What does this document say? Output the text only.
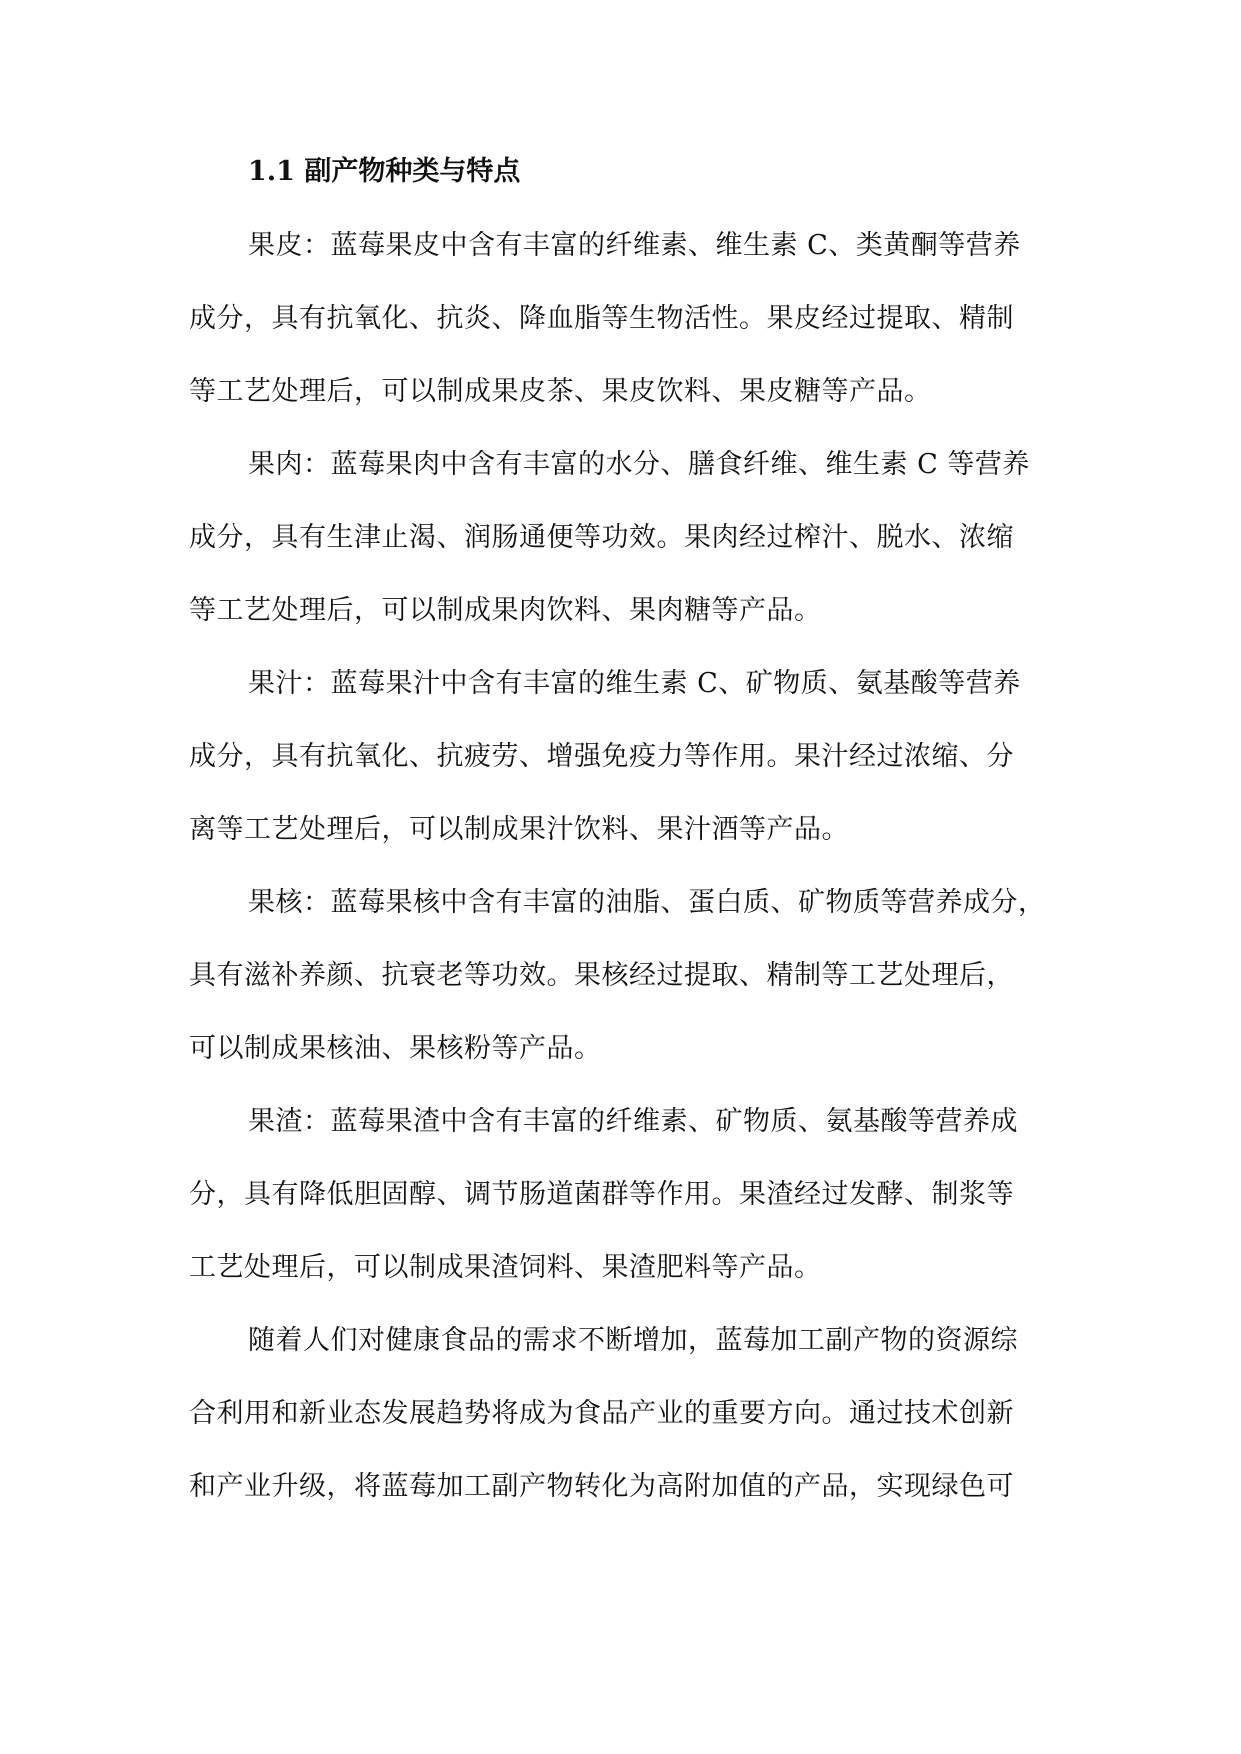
1.1 副产物种类与特点

果皮：蓝莓果皮中含有丰富的纤维素、维生素 C、类黄酮等营养

成分，具有抗氧化、抗炎、降血脂等生物活性。果皮经过提取、精制

等工艺处理后，可以制成果皮茶、果皮饮料、果皮糖等产品。

果肉：蓝莓果肉中含有丰富的水分、膳食纤维、维生素 C 等营养

成分，具有生津止渴、润肠通便等功效。果肉经过榨汁、脱水、浓缩

等工艺处理后，可以制成果肉饮料、果肉糖等产品。

果汁：蓝莓果汁中含有丰富的维生素 C、矿物质、氨基酸等营养

成分，具有抗氧化、抗疲劳、增强免疫力等作用。果汁经过浓缩、分

离等工艺处理后，可以制成果汁饮料、果汁酒等产品。

果核：蓝莓果核中含有丰富的油脂、蛋白质、矿物质等营养成分，

具有滋补养颜、抗衰老等功效。果核经过提取、精制等工艺处理后，

可以制成果核油、果核粉等产品。

果渣：蓝莓果渣中含有丰富的纤维素、矿物质、氨基酸等营养成

分，具有降低胆固醇、调节肠道菌群等作用。果渣经过发酵、制浆等

工艺处理后，可以制成果渣饲料、果渣肥料等产品。

随着人们对健康食品的需求不断增加，蓝莓加工副产物的资源综

合利用和新业态发展趋势将成为食品产业的重要方向。通过技术创新

和产业升级，将蓝莓加工副产物转化为高附加值的产品，实现绿色可
